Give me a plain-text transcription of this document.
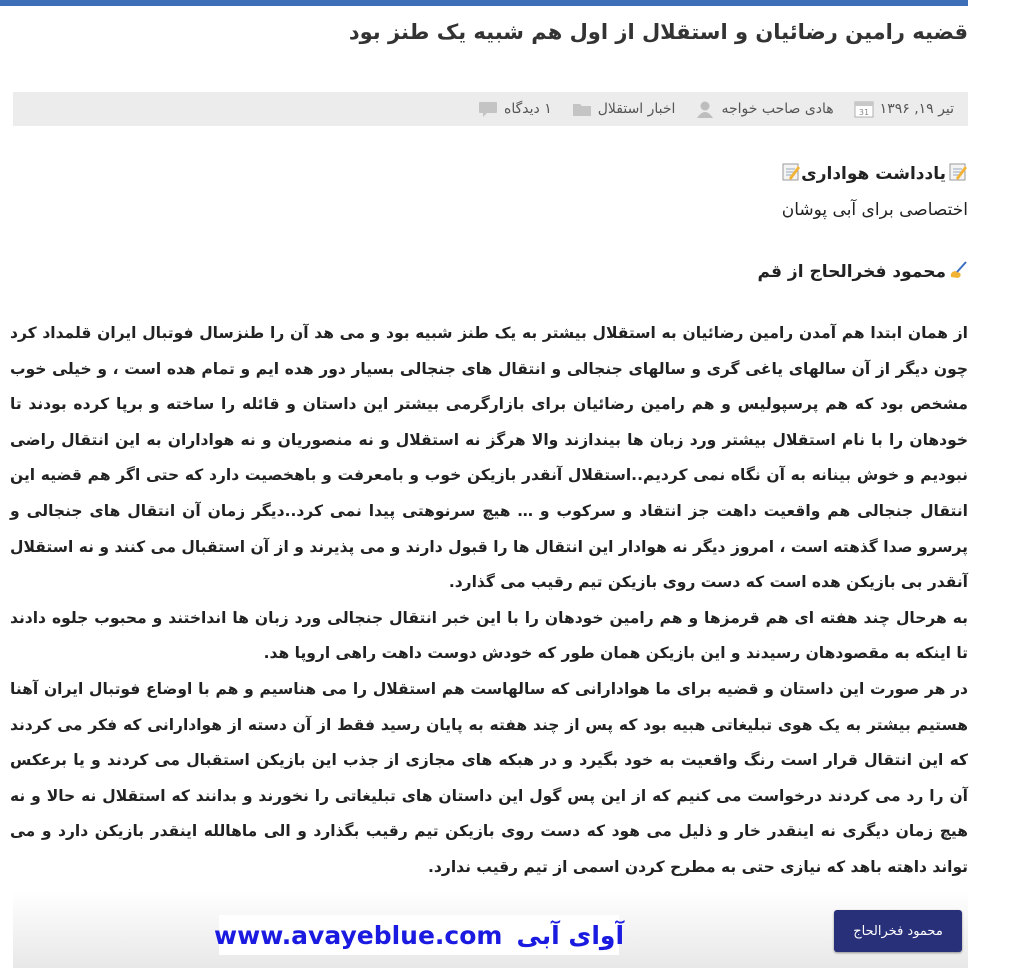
قضیه رامین رضائیان و استقلال از اول هم شبیه یک طنز بود
تیر ۱۹, ۱۳۹۶
31
هادی صاحب خواجه
اخبار استقلال
۱ دیدگاه

یادداشت هواداری

اختصاصی برای آبی پوشان

محمود فخرالحاج از قم

از همان ابتدا هم آمدن رامین رضائیان به استقلال بیشتر به یک طنز شبیه بود و می هد آن را طنزسال فوتبال ایران قلمداد کرد چون دیگر از آن سالهای یاغی گری و سالهای جنجالی و انتقال های جنجالی بسیار دور هده ایم و تمام هده است ، و خیلی خوب مشخص بود که هم پرسپولیس و هم رامین رضائیان برای بازارگرمی بیشتر این داستان و قائله را ساخته و برپا کرده بودند تا خودهان را با نام استقلال بیشتر ورد زبان ها بیندازند والا هرگز نه استقلال و نه منصوریان و نه هواداران به این انتقال راضی نبودیم و خوش بینانه به آن نگاه نمی کردیم..استقلال آنقدر بازیکن خوب و بامعرفت و باهخصیت دارد که حتی اگر هم قضیه این انتقال جنجالی هم واقعیت داهت جز انتقاد و سرکوب و … هیچ سرنوهتی پیدا نمی کرد..دیگر زمان آن انتقال های جنجالی و پرسرو صدا گذهته است ، امروز دیگر نه هوادار این انتقال ها را قبول دارند و می پذیرند و از آن استقبال می کنند و نه استقلال آنقدر بی بازیکن هده است که دست روی بازیکن تیم رقیب می گذارد.

به هرحال چند هفته ای هم قرمزها و هم رامین خودهان را با این خبر انتقال جنجالی ورد زبان ها انداختند و محبوب جلوه دادند تا اینکه به مقصودهان رسیدند و این بازیکن همان طور که خودش دوست داهت راهی اروپا هد.

در هر صورت این داستان و قضیه برای ما هوادارانی که سالهاست هم استقلال را می هناسیم و هم با اوضاع فوتبال ایران آهنا هستیم بیشتر به یک هوی تبلیغاتی هبیه بود که پس از چند هفته به پایان رسید فقط از آن دسته از هوادارانی که فکر می کردند که این انتقال قرار است رنگ واقعیت به خود بگیرد و در هبکه های مجازی از جذب این بازیکن استقبال می کردند و یا برعکس آن را رد می کردند درخواست می کنیم که از این پس گول این داستان های تبلیغاتی را نخورند و بدانند که استقلال نه حالا و نه هیچ زمان دیگری نه اینقدر خار و ذلیل می هود که دست روی بازیکن تیم رقیب بگذارد و الی ماهالله اینقدر بازیکن دارد و می تواند داهته باهد که نیازی حتی به مطرح کردن اسمی از تیم رقیب ندارد.

www.avayeblue.com آوای آبی	محمود فخرالحاج
